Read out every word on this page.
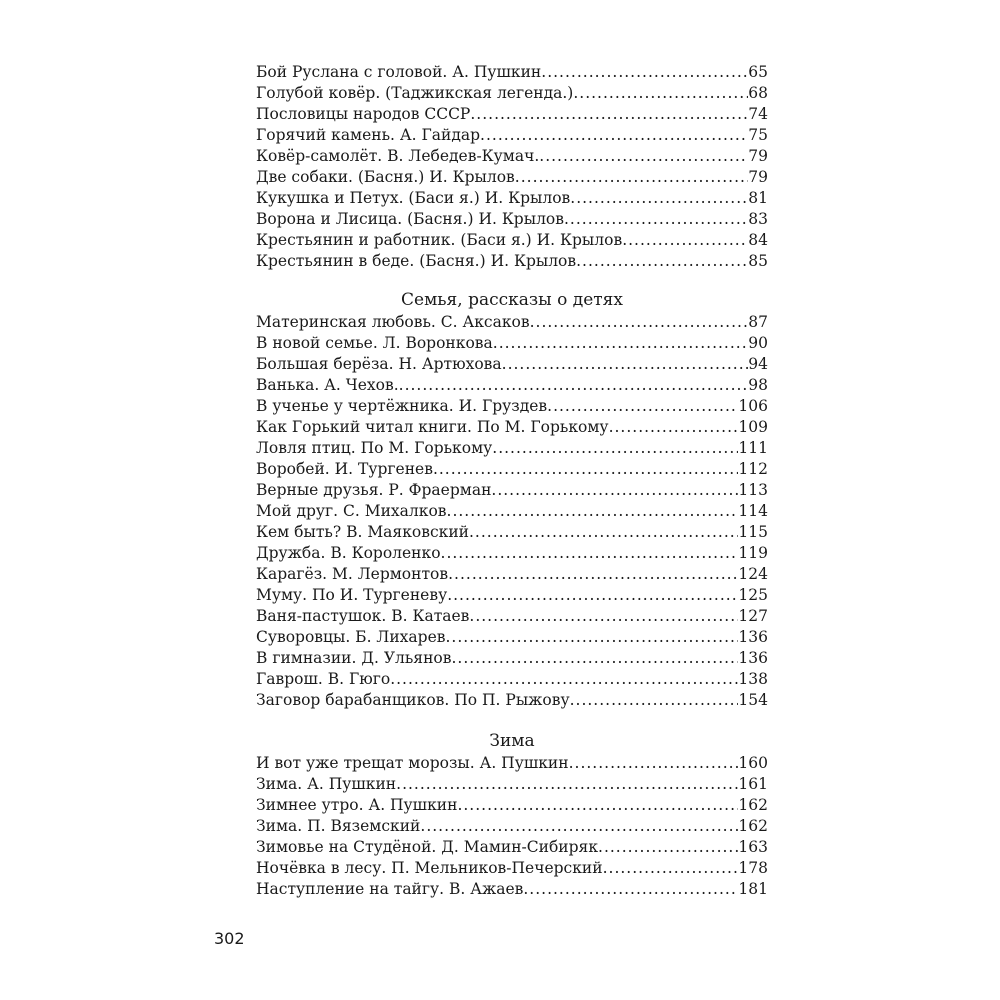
Бой Руслана с головой. А. Пушкин .....	65
Голубой ковёр. (Таджикская легенда.) .....	68
Пословицы народов СССР .....	74
Горячий камень. А. Гайдар .....	75
Ковёр-самолёт. В. Лебедев-Кумач. .....	79
Две собаки. (Басня.) И. Крылов .....	79
Кукушка и Петух. (Баси я.) И. Крылов .....	81
Ворона и Лисица. (Басня.) И. Крылов .....	83
Крестьянин и работник. (Баси я.) И. Крылов .....	84
Крестьянин в беде. (Басня.) И. Крылов .....	85
Семья, рассказы о детях
Материнская любовь. С. Аксаков .....	87
В новой семье. Л. Воронкова .....	90
Большая берёза. Н. Артюхова .....	94
Ванька. А. Чехов. .....	98
В ученье у чертёжника. И. Груздев .....	106
Как Горький читал книги. По М. Горькому .....	109
Ловля птиц. По М. Горькому .....	111
Воробей. И. Тургенев .....	112
Верные друзья. Р. Фраерман .....	113
Мой друг. С. Михалков .....	114
Кем быть? В. Маяковский .....	115
Дружба. В. Короленко .....	119
Карагёз. М. Лермонтов .....	124
Муму. По И. Тургеневу .....	125
Ваня-пастушок. В. Катаев .....	127
Суворовцы. Б. Лихарев .....	136
В гимназии. Д. Ульянов .....	136
Гаврош. В. Гюго .....	138
Заговор барабанщиков. По П. Рыжову .....	154
Зима
И вот уже трещат морозы. А. Пушкин .....	160
Зима. А. Пушкин .....	161
Зимнее утро. А. Пушкин .....	162
Зима. П. Вяземский .....	162
Зимовье на Студёной. Д. Мамин-Сибиряк .....	163
Ночёвка в лесу. П. Мельников-Печерский .....	178
Наступление на тайгу. В. Ажаев .....	181
302
